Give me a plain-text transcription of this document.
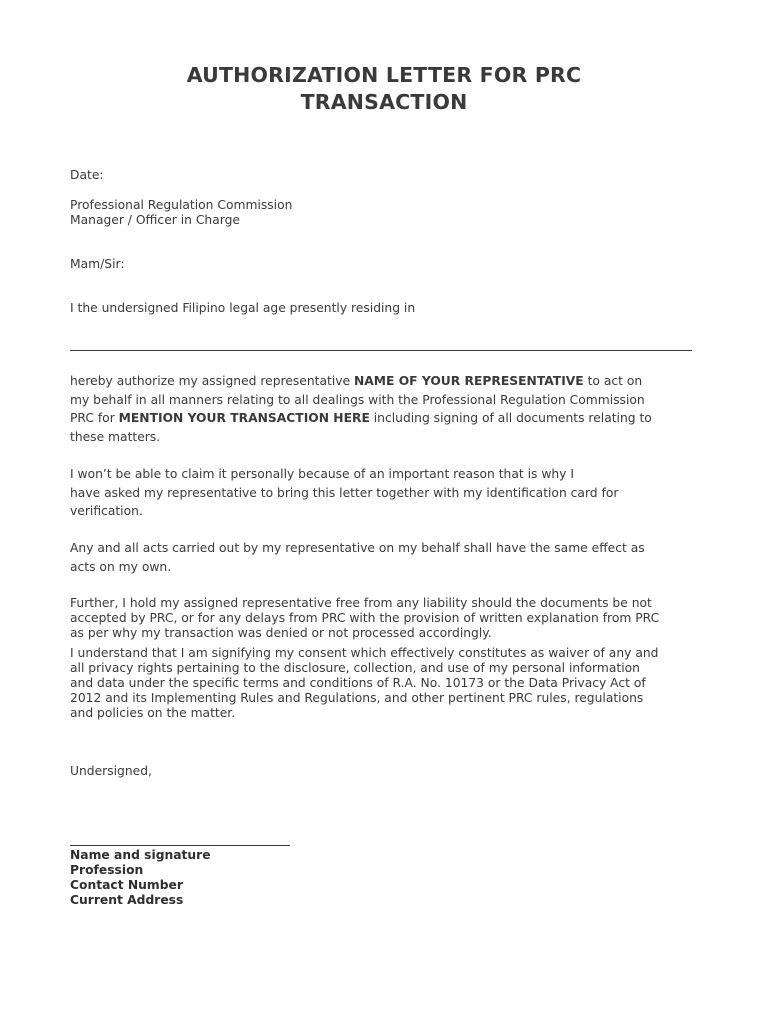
AUTHORIZATION LETTER FOR PRC
TRANSACTION
Date:
Professional Regulation Commission
Manager / Officer in Charge
Mam/Sir:
I the undersigned Filipino legal age presently residing in
hereby authorize my assigned representative NAME OF YOUR REPRESENTATIVE to act on
my behalf in all manners relating to all dealings with the Professional Regulation Commission
PRC for MENTION YOUR TRANSACTION HERE including signing of all documents relating to
these matters.
I won’t be able to claim it personally because of an important reason that is why I
have asked my representative to bring this letter together with my identification card for
verification.
Any and all acts carried out by my representative on my behalf shall have the same effect as
acts on my own.
Further, I hold my assigned representative free from any liability should the documents be not
accepted by PRC, or for any delays from PRC with the provision of written explanation from PRC
as per why my transaction was denied or not processed accordingly.
I understand that I am signifying my consent which effectively constitutes as waiver of any and
all privacy rights pertaining to the disclosure, collection, and use of my personal information
and data under the specific terms and conditions of R.A. No. 10173 or the Data Privacy Act of
2012 and its Implementing Rules and Regulations, and other pertinent PRC rules, regulations
and policies on the matter.
Undersigned,
Name and signature
Profession
Contact Number
Current Address
